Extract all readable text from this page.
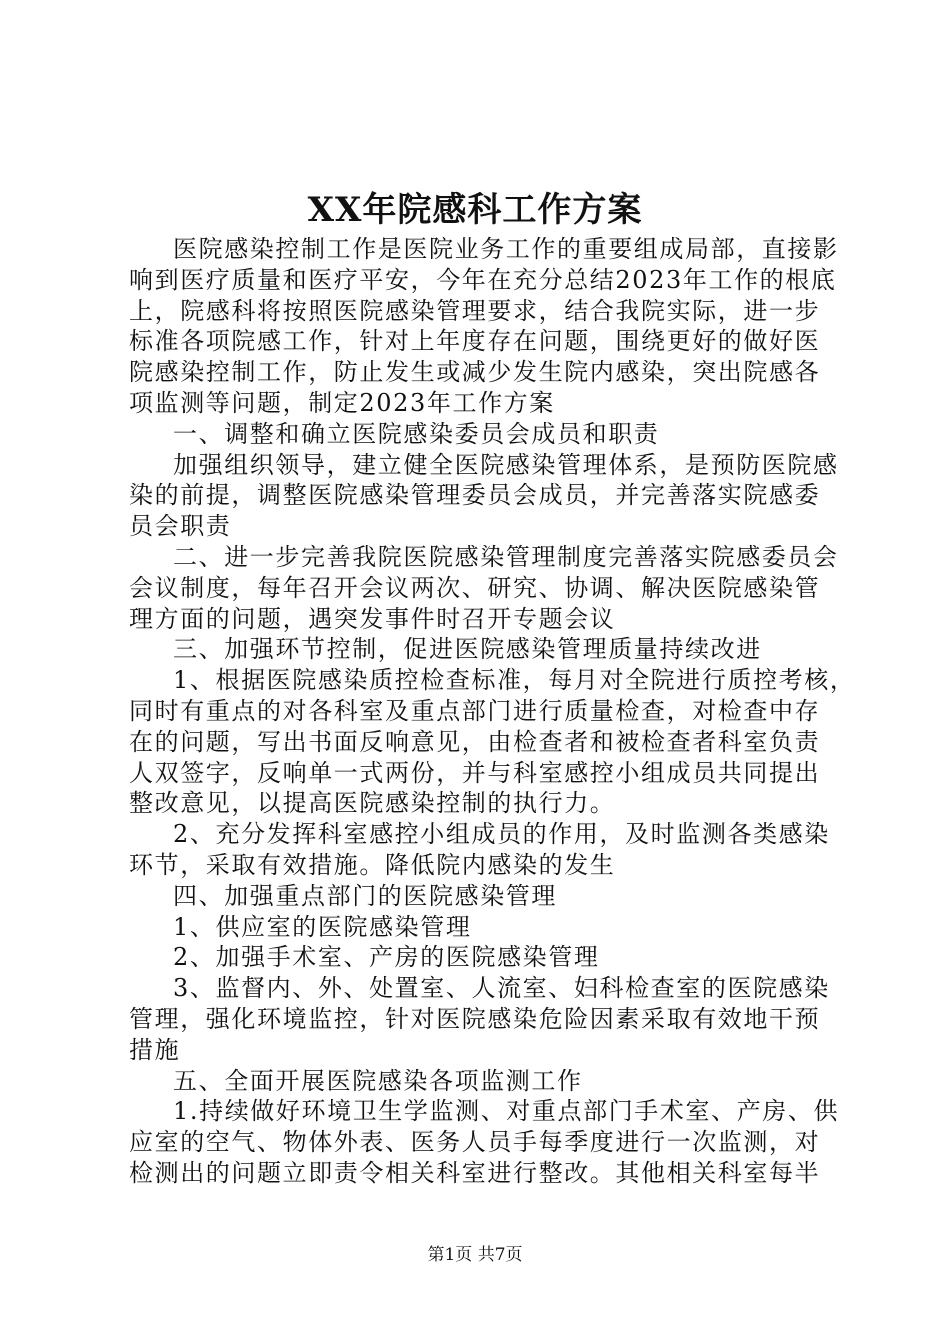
XX年院感科工作方案
医院感染控制工作是医院业务工作的重要组成局部，直接影
响到医疗质量和医疗平安，今年在充分总结2023年工作的根底
上，院感科将按照医院感染管理要求，结合我院实际，进一步
标准各项院感工作，针对上年度存在问题，围绕更好的做好医
院感染控制工作，防止发生或减少发生院内感染，突出院感各
项监测等问题，制定2023年工作方案
一、调整和确立医院感染委员会成员和职责
加强组织领导，建立健全医院感染管理体系，是预防医院感
染的前提，调整医院感染管理委员会成员，并完善落实院感委
员会职责
二、进一步完善我院医院感染管理制度完善落实院感委员会
会议制度，每年召开会议两次、研究、协调、解决医院感染管
理方面的问题，遇突发事件时召开专题会议
三、加强环节控制，促进医院感染管理质量持续改进
1、根据医院感染质控检查标准，每月对全院进行质控考核，
同时有重点的对各科室及重点部门进行质量检查，对检查中存
在的问题，写出书面反响意见，由检查者和被检查者科室负责
人双签字，反响单一式两份，并与科室感控小组成员共同提出
整改意见，以提高医院感染控制的执行力。
2、充分发挥科室感控小组成员的作用，及时监测各类感染
环节，采取有效措施。降低院内感染的发生
四、加强重点部门的医院感染管理
1、供应室的医院感染管理
2、加强手术室、产房的医院感染管理
3、监督内、外、处置室、人流室、妇科检查室的医院感染
管理，强化环境监控，针对医院感染危险因素采取有效地干预
措施
五、全面开展医院感染各项监测工作
1.持续做好环境卫生学监测、对重点部门手术室、产房、供
应室的空气、物体外表、医务人员手每季度进行一次监测，对
检测出的问题立即责令相关科室进行整改。其他相关科室每半
第1页 共7页
